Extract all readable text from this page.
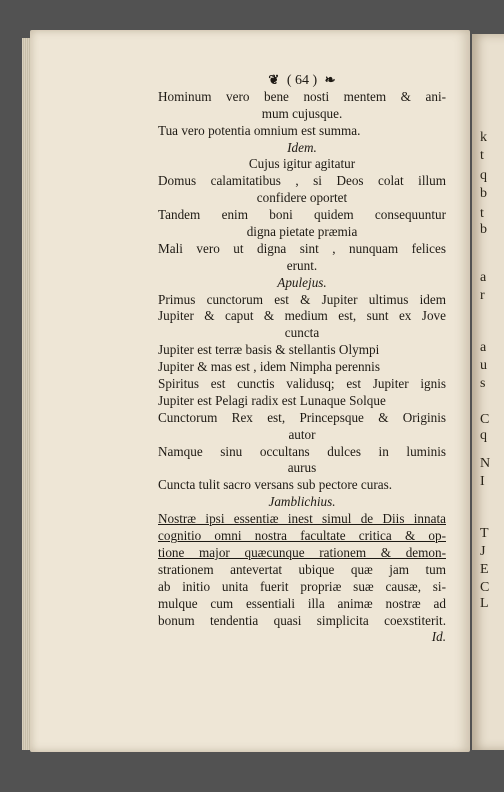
k
t
q
b
t
b
a
r
a
u
s
C
q
N
I
T
J
E
C
L
❦ ( 64 ) ❧
Hominum vero bene nosti mentem & ani-
mum cujusque.
Tua vero potentia omnium est summa.
Idem.
Cujus igitur agitatur
Domus calamitatibus , si Deos colat illum
confidere oportet
Tandem enim boni quidem consequuntur
digna pietate præmia
Mali vero ut digna sint , nunquam felices
erunt.
Apulejus.
Primus cunctorum est & Jupiter ultimus idem
Jupiter & caput & medium est, sunt ex Jove
cuncta
Jupiter est terræ basis & stellantis Olympi
Jupiter & mas est , idem Nimpha perennis
Spiritus est cunctis validusq; est Jupiter ignis
Jupiter est Pelagi radix est Lunaque Solque
Cunctorum Rex est, Princepsque & Originis
autor
Namque sinu occultans dulces in luminis
aurus
Cuncta tulit sacro versans sub pectore curas.
Jamblichius.
Nostræ ipsi essentiæ inest simul de Diis innata
cognitio omni nostra facultate critica & op-
tione major quæcunque rationem & demon-
strationem antevertat ubique quæ jam tum
ab initio unita fuerit propriæ suæ causæ, si-
mulque cum essentiali illa animæ nostræ ad
bonum tendentia quasi simplicita coexstiterit.
Id.
